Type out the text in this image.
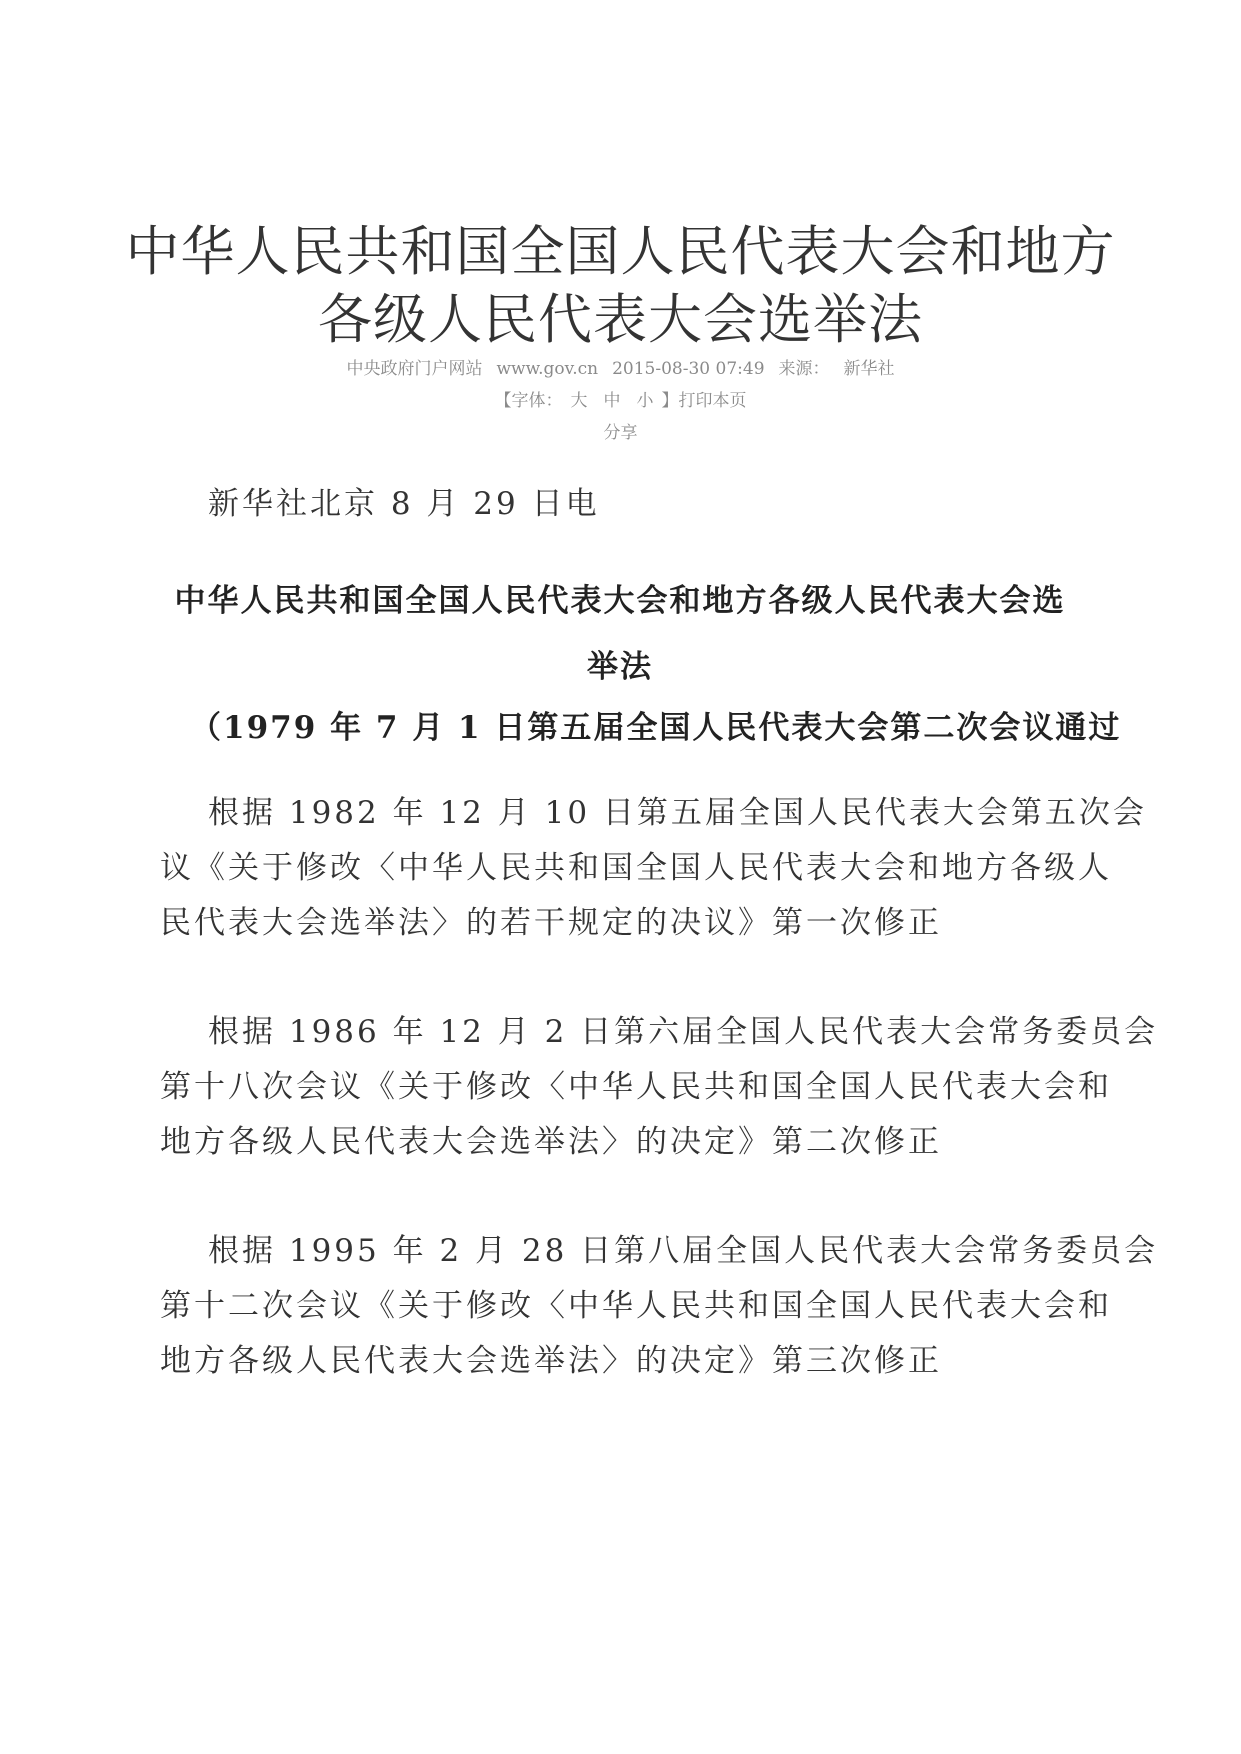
中华人民共和国全国人民代表大会和地方
各级人民代表大会选举法
中央政府门户网站 www.gov.cn 2015-08-30 07:49 来源： 新华社
【字体： 大 中 小 】打印本页
分享
新华社北京 8 月 29 日电
中华人民共和国全国人民代表大会和地方各级人民代表大会选
举法
（1979 年 7 月 1 日第五届全国人民代表大会第二次会议通过

根据 1982 年 12 月 10 日第五届全国人民代表大会第五次会
议《关于修改〈中华人民共和国全国人民代表大会和地方各级人
民代表大会选举法〉的若干规定的决议》第一次修正

根据 1986 年 12 月 2 日第六届全国人民代表大会常务委员会
第十八次会议《关于修改〈中华人民共和国全国人民代表大会和
地方各级人民代表大会选举法〉的决定》第二次修正

根据 1995 年 2 月 28 日第八届全国人民代表大会常务委员会
第十二次会议《关于修改〈中华人民共和国全国人民代表大会和
地方各级人民代表大会选举法〉的决定》第三次修正
